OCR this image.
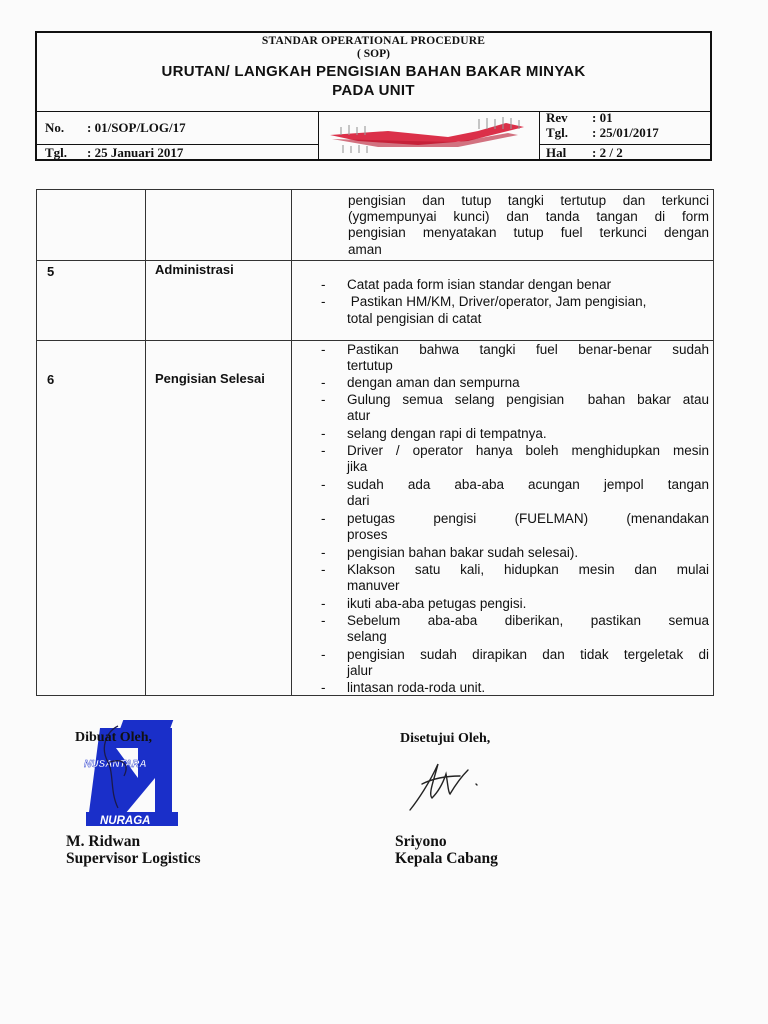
STANDAR OPERATIONAL PROCEDURE
( SOP)
URUTAN/ LANGKAH PENGISIAN BAHAN BAKAR MINYAK
PADA UNIT
No. : 01/SOP/LOG/17
Tgl. : 25 Januari 2017
Rev : 01
Tgl. : 25/01/2017
Hal : 2 / 2
pengisian dan tutup tangki tertutup dan terkunci
(ygmempunyai kunci) dan tanda tangan di form
pengisian menyatakan tutup fuel terkunci dengan
aman
5	Administrasi
- Catat pada form isian standar dengan benar
- Pastikan HM/KM, Driver/operator, Jam pengisian,
total pengisian di catat
6	Pengisian Selesai
- Pastikan bahwa tangki fuel benar-benar sudah
tertutup
- dengan aman dan sempurna
- Gulung semua selang pengisian  bahan bakar atau
atur
- selang dengan rapi di tempatnya.
- Driver / operator hanya boleh menghidupkan mesin
jika
- sudah ada aba-aba acungan jempol tangan
dari
- petugas pengisi (FUELMAN) (menandakan
proses
- pengisian bahan bakar sudah selesai).
- Klakson satu kali, hidupkan mesin dan mulai
manuver
- ikuti aba-aba petugas pengisi.
- Sebelum aba-aba diberikan, pastikan semua
selang
- pengisian sudah dirapikan dan tidak tergeletak di
jalur
- lintasan roda-roda unit.
NUSANTARA
NURAGA
Dibuat Oleh,
M. Ridwan
Supervisor Logistics
Disetujui Oleh,
Sriyono
Kepala Cabang
